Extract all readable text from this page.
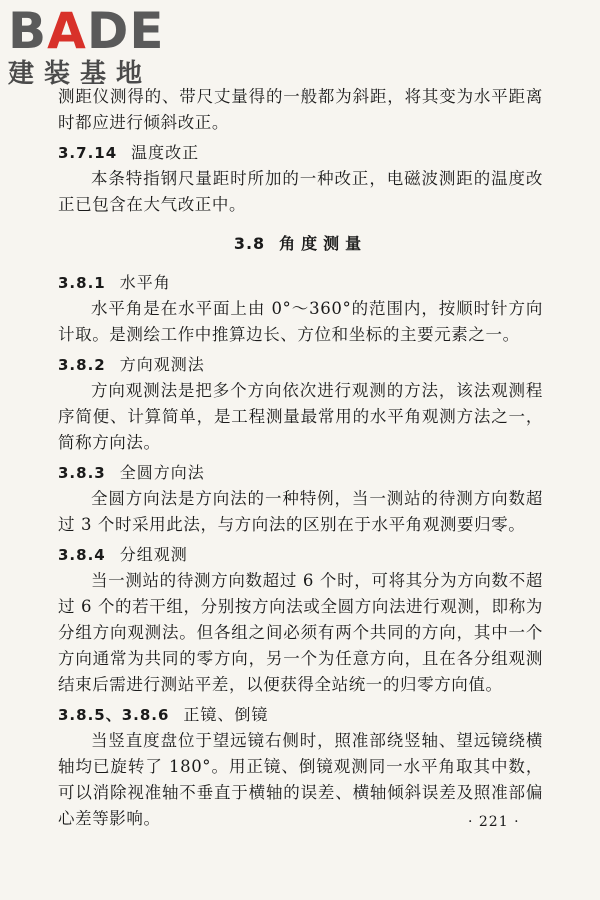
BADE
建装基地

测距仪测得的、带尺丈量得的一般都为斜距，将其变为水平距离时都应进行倾斜改正。

3.7.14 温度改正

本条特指钢尺量距时所加的一种改正，电磁波测距的温度改正已包含在大气改正中。

3.8 角度测量
3.8.1 水平角

水平角是在水平面上由 0°～360°的范围内，按顺时针方向计取。是测绘工作中推算边长、方位和坐标的主要元素之一。

3.8.2 方向观测法

方向观测法是把多个方向依次进行观测的方法，该法观测程序简便、计算简单，是工程测量最常用的水平角观测方法之一，简称方向法。

3.8.3 全圆方向法

全圆方向法是方向法的一种特例，当一测站的待测方向数超过 3 个时采用此法，与方向法的区别在于水平角观测要归零。

3.8.4 分组观测

当一测站的待测方向数超过 6 个时，可将其分为方向数不超过 6 个的若干组，分别按方向法或全圆方向法进行观测，即称为分组方向观测法。但各组之间必须有两个共同的方向，其中一个方向通常为共同的零方向，另一个为任意方向，且在各分组观测结束后需进行测站平差，以便获得全站统一的归零方向值。

3.8.5、3.8.6 正镜、倒镜

当竖直度盘位于望远镜右侧时，照准部绕竖轴、望远镜绕横轴均已旋转了 180°。用正镜、倒镜观测同一水平角取其中数，可以消除视准轴不垂直于横轴的误差、横轴倾斜误差及照准部偏心差等影响。	· 221 ·
